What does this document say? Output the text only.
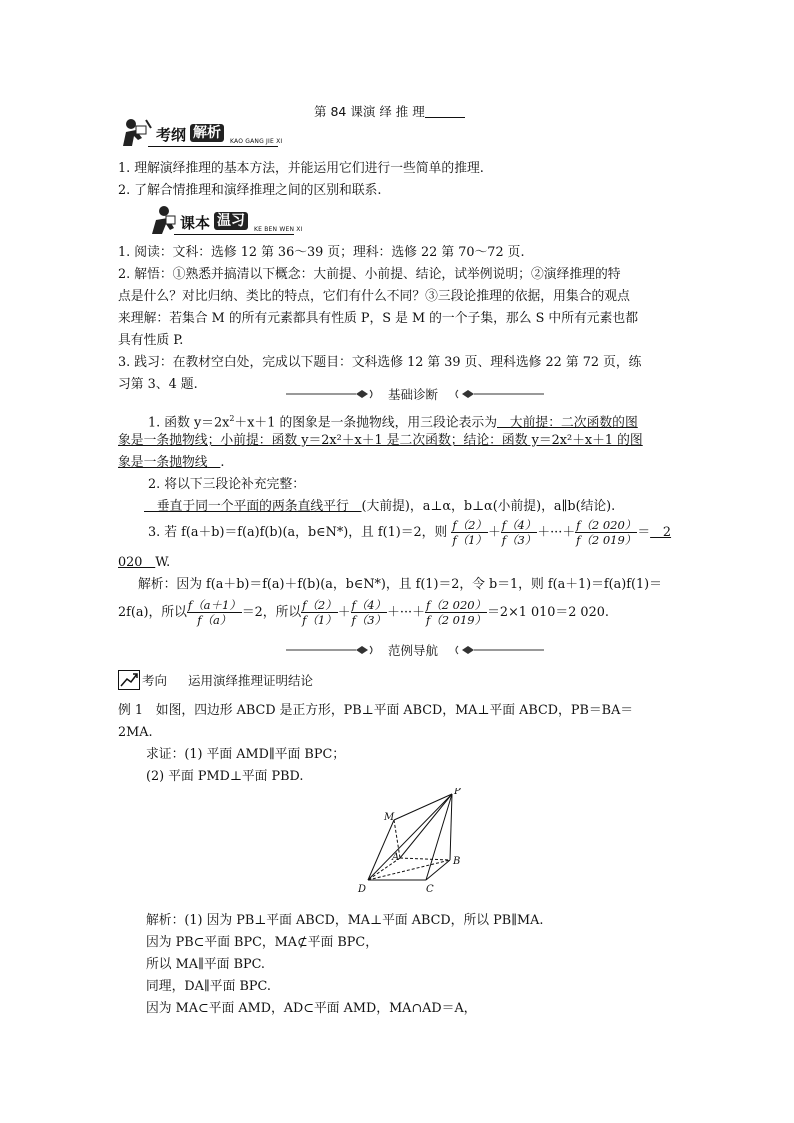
第 84 课演 绎 推 理
考纲 解析
KAO GANG JIE XI
1. 理解演绎推理的基本方法，并能运用它们进行一些简单的推理.
2. 了解合情推理和演绎推理之间的区别和联系.
课本 温习
KE BEN WEN XI
1. 阅读：文科：选修 12 第 36～39 页；理科：选修 22 第 70～72 页.
2. 解悟：①熟悉并搞清以下概念：大前提、小前提、结论，试举例说明；②演绎推理的特
点是什么？对比归纳、类比的特点，它们有什么不同？③三段论推理的依据，用集合的观点
来理解：若集合 M 的所有元素都具有性质 P，S 是 M 的一个子集，那么 S 中所有元素也都
具有性质 P.
3. 践习：在教材空白处，完成以下题目：文科选修 12 第 39 页、理科选修 22 第 72 页，练
习第 3、4 题.
基础诊断
1. 函数 $y=2x^2+x+1$ 的图象是一条抛物线，用三段论表示为　大前提：二次函数的图
象是一条抛物线；小前提：函数 y＝2x²＋x＋1 是二次函数；结论：函数 y＝2x²＋x＋1 的图
象是一条抛物线　 .
2. 将以下三段论补充完整：
　垂直于同一个平面的两条直线平行　(大前提)，a⊥α，b⊥α(小前提)，a∥b(结论).
3. 若 f(a＋b)＝f(a)f(b)(a，b∈N*)，且 f(1)＝2，则 $\frac{f(2)}{f(1)} + \frac{f(4)}{f(3)}$ ＋···＋ $\frac{f(2 020)}{f(2 019)}$ ＝　2
020　W.
解析：因为 f(a＋b)＝f(a)＋f(b)(a，b∈N*)，且 f(1)＝2，令 b＝1，则 f(a＋1)＝f(a)f(1)＝
2f(a)，所以 $\frac{f(a+1)}{f(a)} =2$，所以 $\frac{f(2)}{f(1)} + \frac{f(4)}{f(3)}$ ＋···＋ $\frac{f(2 020)}{f(2 019)} =2\times 1$ 010＝2 020.
范例导航
考向 运用演绎推理证明结论
例 1　如图，四边形 ABCD 是正方形，PB⊥平面 ABCD，MA⊥平面 ABCD，PB＝BA＝
2MA.
求证：(1) 平面 AMD∥平面 BPC；
(2) 平面 PMD⊥平面 PBD.
P
M
A	B
C
D
解析：(1) 因为 PB⊥平面 ABCD，MA⊥平面 ABCD，所以 PB∥MA.
因为 PB⊂平面 BPC，MA⊄平面 BPC，
所以 MA∥平面 BPC.
同理，DA∥平面 BPC.
因为 MA⊂平面 AMD，AD⊂平面 AMD，MA∩AD＝A，
